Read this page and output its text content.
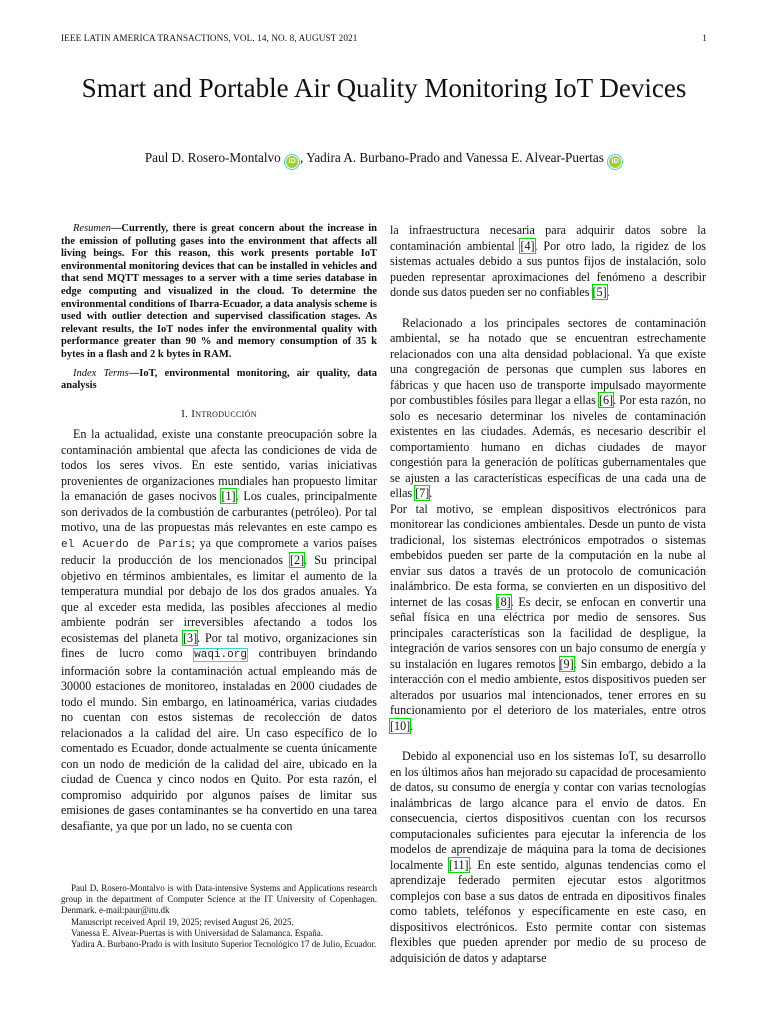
IEEE LATIN AMERICA TRANSACTIONS, VOL. 14, NO. 8, AUGUST 2021	1
Smart and Portable Air Quality Monitoring IoT Devices
Paul D. Rosero-Montalvo iD , Yadira A. Burbano-Prado and Vanessa E. Alvear-Puertas iD

Resumen—Currently, there is great concern about the increase in the emission of polluting gases into the environment that affects all living beings. For this reason, this work presents portable IoT environmental monitoring devices that can be installed in vehicles and that send MQTT messages to a server with a time series database in edge computing and visualized in the cloud. To determine the environmental conditions of Ibarra-Ecuador, a data analysis scheme is used with outlier detection and supervised classification stages. As relevant results, the IoT nodes infer the environmental quality with performance greater than 90 % and memory consumption of 35 k bytes in a flash and 2 k bytes in RAM.

Index Terms—IoT, environmental monitoring, air quality, data analysis

I. Introducción

En la actualidad, existe una constante preocupación sobre la contaminación ambiental que afecta las condiciones de vida de todos los seres vivos. En este sentido, varias iniciativas provenientes de organizaciones mundiales han propuesto limitar la emanación de gases nocivos [1]. Los cuales, principalmente son derivados de la combustión de carburantes (petróleo). Por tal motivo, una de las propuestas más relevantes en este campo es el Acuerdo de París; ya que compromete a varios países reducir la producción de los mencionados [2]. Su principal objetivo en términos ambientales, es limitar el aumento de la temperatura mundial por debajo de los dos grados anuales. Ya que al exceder esta medida, las posibles afecciones al medio ambiente podrán ser irreversibles afectando a todos los ecosistemas del planeta [3]. Por tal motivo, organizaciones sin fines de lucro como waqi.org contribuyen brindando información sobre la contaminación actual empleando más de 30000 estaciones de monitoreo, instaladas en 2000 ciudades de todo el mundo. Sin embargo, en latinoamérica, varias ciudades no cuentan con estos sistemas de recolección de datos relacionados a la calidad del aire. Un caso específico de lo comentado es Ecuador, donde actualmente se cuenta únicamente con un nodo de medición de la calidad del aire, ubicado en la ciudad de Cuenca y cinco nodos en Quito. Por esta razón, el compromiso adquirido por algunos países de limitar sus emisiones de gases contaminantes se ha convertido en una tarea desafiante, ya que por un lado, no se cuenta con

Paul D. Rosero-Montalvo is with Data-intensive Systems and Applications research group in the department of Computer Science at the IT University of Copenhagen. Denmark. e-mail:paur@itu.dk

Manuscript received April 19, 2025; revised August 26, 2025.

Vanessa E. Alvear-Puertas is with Universidad de Salamanca. España.

Yadira A. Burbano-Prado is with Insituto Superior Tecnológico 17 de Julio, Ecuador.

la infraestructura necesaria para adquirir datos sobre la contaminación ambiental [4]. Por otro lado, la rigidez de los sistemas actuales debido a sus puntos fijos de instalación, solo pueden representar aproximaciones del fenómeno a describir donde sus datos pueden ser no confiables [5].

Relacionado a los principales sectores de contaminación ambiental, se ha notado que se encuentran estrechamente relacionados con una alta densidad poblacional. Ya que existe una congregación de personas que cumplen sus labores en fábricas y que hacen uso de transporte impulsado mayormente por combustibles fósiles para llegar a ellas [6]. Por esta razón, no solo es necesario determinar los niveles de contaminación existentes en las ciudades. Además, es necesario describir el comportamiento humano en dichas ciudades de mayor congestión para la generación de políticas gubernamentales que se ajusten a las características específicas de una cada una de ellas [7].

Por tal motivo, se emplean dispositivos electrónicos para monitorear las condiciones ambientales. Desde un punto de vista tradicional, los sistemas electrónicos empotrados o sistemas embebidos pueden ser parte de la computación en la nube al enviar sus datos a través de un protocolo de comunicación inalámbrico. De esta forma, se convierten en un dispositivo del internet de las cosas [8]. Es decir, se enfocan en convertir una señal física en una eléctrica por medio de sensores. Sus principales características son la facilidad de despligue, la integración de varios sensores con un bajo consumo de energía y su instalación en lugares remotos [9]. Sin embargo, debido a la interacción con el medio ambiente, estos dispositivos pueden ser alterados por usuarios mal intencionados, tener errores en su funcionamiento por el deterioro de los materiales, entre otros [10].

Debido al exponencial uso en los sistemas IoT, su desarrollo en los últimos años han mejorado su capacidad de procesamiento de datos, su consumo de energía y contar con varias tecnologías inalámbricas de largo alcance para el envío de datos. En consecuencia, ciertos dispositivos cuentan con los recursos computacionales suficientes para ejecutar la inferencia de los modelos de aprendizaje de máquina para la toma de decisiones localmente [11]. En este sentido, algunas tendencias como el aprendizaje federado permiten ejecutar estos algoritmos complejos con base a sus datos de entrada en dipositivos finales como tablets, teléfonos y específicamente en este caso, en dispositivos electrónicos. Esto permite contar con sistemas flexibles que pueden aprender por medio de su proceso de adquisición de datos y adaptarse
